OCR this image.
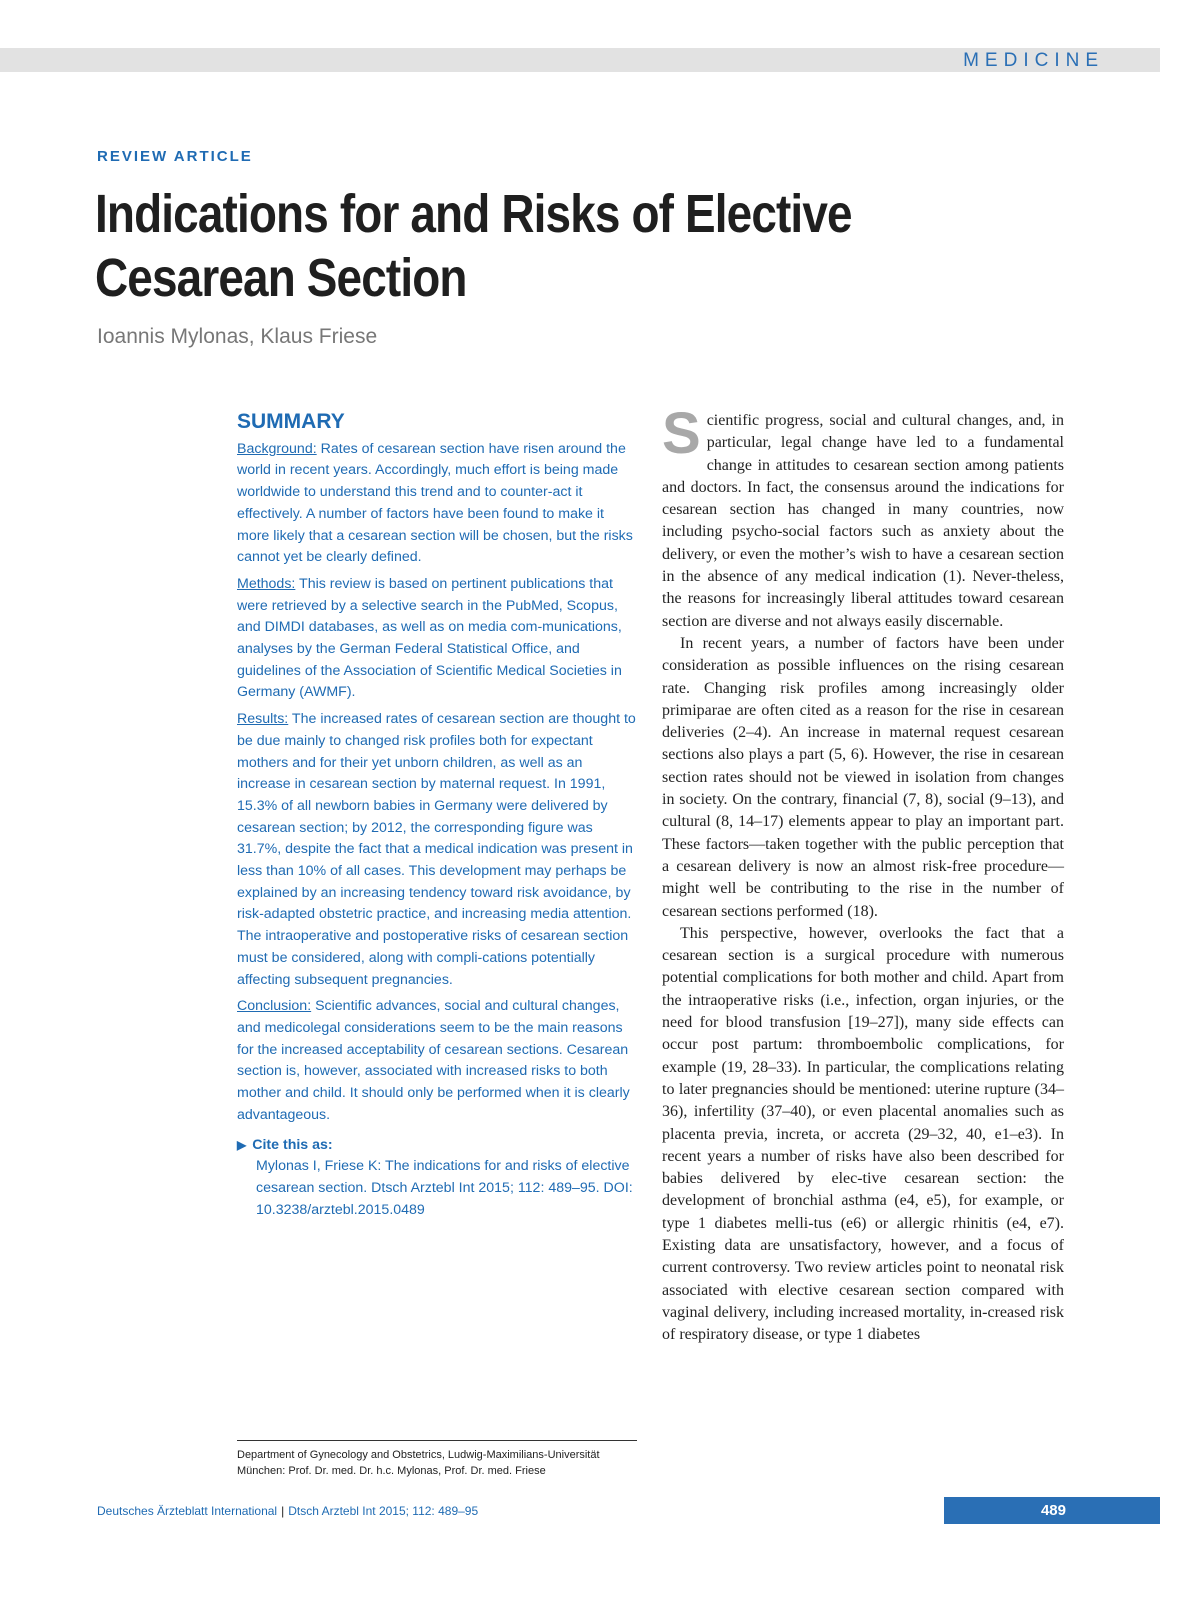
MEDICINE
REVIEW ARTICLE
Indications for and Risks of Elective Cesarean Section
Ioannis Mylonas, Klaus Friese
SUMMARY

Background: Rates of cesarean section have risen around the world in recent years. Accordingly, much effort is being made worldwide to understand this trend and to counter-act it effectively. A number of factors have been found to make it more likely that a cesarean section will be chosen, but the risks cannot yet be clearly defined.

Methods: This review is based on pertinent publications that were retrieved by a selective search in the PubMed, Scopus, and DIMDI databases, as well as on media com-munications, analyses by the German Federal Statistical Office, and guidelines of the Association of Scientific Medical Societies in Germany (AWMF).

Results: The increased rates of cesarean section are thought to be due mainly to changed risk profiles both for expectant mothers and for their yet unborn children, as well as an increase in cesarean section by maternal request. In 1991, 15.3% of all newborn babies in Germany were delivered by cesarean section; by 2012, the corresponding figure was 31.7%, despite the fact that a medical indication was present in less than 10% of all cases. This development may perhaps be explained by an increasing tendency toward risk avoidance, by risk-adapted obstetric practice, and increasing media attention. The intraoperative and postoperative risks of cesarean section must be considered, along with compli-cations potentially affecting subsequent pregnancies.

Conclusion: Scientific advances, social and cultural changes, and medicolegal considerations seem to be the main reasons for the increased acceptability of cesarean sections. Cesarean section is, however, associated with increased risks to both mother and child. It should only be performed when it is clearly advantageous.

▶ Cite this as:
Mylonas I, Friese K: The indications for and risks of elective cesarean section. Dtsch Arztebl Int 2015; 112: 489–95. DOI: 10.3238/arztebl.2015.0489
Department of Gynecology and Obstetrics, Ludwig-Maximilians-Universität
München: Prof. Dr. med. Dr. h.c. Mylonas, Prof. Dr. med. Friese

Scientific progress, social and cultural changes, and, in particular, legal change have led to a fundamental change in attitudes to cesarean section among patients and doctors. In fact, the consensus around the indications for cesarean section has changed in many countries, now including psycho-social factors such as anxiety about the delivery, or even the mother’s wish to have a cesarean section in the absence of any medical indication (1). Never-theless, the reasons for increasingly liberal attitudes toward cesarean section are diverse and not always easily discernable.

In recent years, a number of factors have been under consideration as possible influences on the rising cesarean rate. Changing risk profiles among increasingly older primiparae are often cited as a reason for the rise in cesarean deliveries (2–4). An increase in maternal request cesarean sections also plays a part (5, 6). However, the rise in cesarean section rates should not be viewed in isolation from changes in society. On the contrary, financial (7, 8), social (9–13), and cultural (8, 14–17) elements appear to play an important part. These factors—taken together with the public perception that a cesarean delivery is now an almost risk-free procedure—might well be contributing to the rise in the number of cesarean sections performed (18).

This perspective, however, overlooks the fact that a cesarean section is a surgical procedure with numerous potential complications for both mother and child. Apart from the intraoperative risks (i.e., infection, organ injuries, or the need for blood transfusion [19–27]), many side effects can occur post partum: thromboembolic complications, for example (19, 28–33). In particular, the complications relating to later pregnancies should be mentioned: uterine rupture (34–36), infertility (37–40), or even placental anomalies such as placenta previa, increta, or accreta (29–32, 40, e1–e3). In recent years a number of risks have also been described for babies delivered by elec-tive cesarean section: the development of bronchial asthma (e4, e5), for example, or type 1 diabetes melli-tus (e6) or allergic rhinitis (e4, e7). Existing data are unsatisfactory, however, and a focus of current controversy. Two review articles point to neonatal risk associated with elective cesarean section compared with vaginal delivery, including increased mortality, in-creased risk of respiratory disease, or type 1 diabetes

Deutsches Ärzteblatt International | Dtsch Arztebl Int 2015; 112: 489–95	489
